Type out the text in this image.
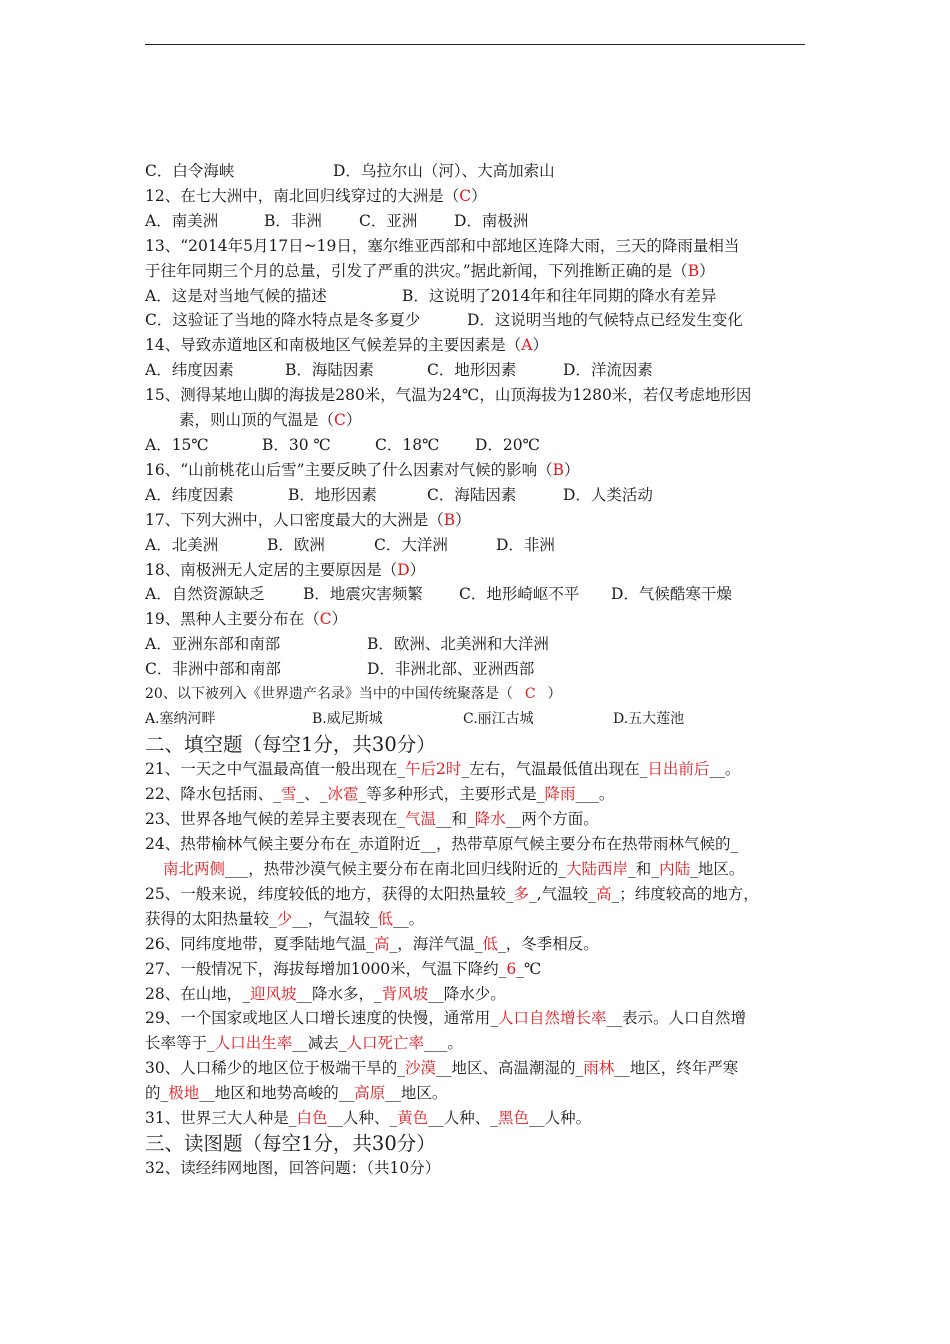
C．白令海峡	D．乌拉尔山（河）、大高加索山
12、在七大洲中，南北回归线穿过的大洲是（C）
A．南美洲	B．非洲 C．亚洲 D．南极洲
13、“2014年5月17日~19日，塞尔维亚西部和中部地区连降大雨，三天的降雨量相当
于往年同期三个月的总量，引发了严重的洪灾。”据此新闻，下列推断正确的是（B）
A．这是对当地气候的描述	B．这说明了2014年和往年同期的降水有差异
C．这验证了当地的降水特点是冬多夏少	D．这说明当地的气候特点已经发生变化
14、导致赤道地区和南极地区气候差异的主要因素是（A）
A．纬度因素	B．海陆因素	C．地形因素	D．洋流因素
15、测得某地山脚的海拔是280米，气温为24℃，山顶海拔为1280米，若仅考虑地形因
素，则山顶的气温是（C）
A．15℃	B．30 ℃	C．18℃ D．20℃
16、“山前桃花山后雪”主要反映了什么因素对气候的影响（B）
A．纬度因素	B．地形因素	C．海陆因素	D．人类活动
17、下列大洲中，人口密度最大的大洲是（B）
A．北美洲	B．欧洲	C．大洋洲	D．非洲
18、南极洲无人定居的主要原因是（D）
A．自然资源缺乏 B．地震灾害频繁 C．地形崎岖不平 D．气候酷寒干燥
19、黑种人主要分布在（C）
A．亚洲东部和南部	B．欧洲、北美洲和大洋洲
C．非洲中部和南部	D．非洲北部、亚洲西部
20、以下被列入《世界遗产名录》当中的中国传统聚落是（ C ）
A.塞纳河畔	B.威尼斯城	C.丽江古城	D.五大莲池
二、填空题（每空1分，共30分）
21、一天之中气温最高值一般出现在_午后2时_左右，气温最低值出现在_日出前后__。
22、降水包括雨、_雪_、_冰雹_等多种形式，主要形式是_降雨___。
23、世界各地气候的差异主要表现在_气温__和_降水__两个方面。
24、热带榆林气候主要分布在_赤道附近__，热带草原气候主要分布在热带雨林气候的_
南北两侧___，热带沙漠气候主要分布在南北回归线附近的_大陆西岸_和_内陆_地区。
25、一般来说，纬度较低的地方，获得的太阳热量较_多_,气温较_高_；纬度较高的地方，
获得的太阳热量较_少__，气温较_低__。
26、同纬度地带，夏季陆地气温_高_，海洋气温_低_，冬季相反。
27、一般情况下，海拔每增加1000米，气温下降约_6_℃
28、在山地，_迎风坡__降水多，_背风坡__降水少。
29、一个国家或地区人口增长速度的快慢，通常用_人口自然增长率__表示。人口自然增
长率等于_人口出生率__减去_人口死亡率___。
30、人口稀少的地区位于极端干旱的_沙漠__地区、高温潮湿的_雨林__地区，终年严寒
的_极地__地区和地势高峻的__高原__地区。
31、世界三大人种是_白色__人种、_黄色__人种、_黑色__人种。
三、读图题（每空1分，共30分）
32、读经纬网地图，回答问题：（共10分）
